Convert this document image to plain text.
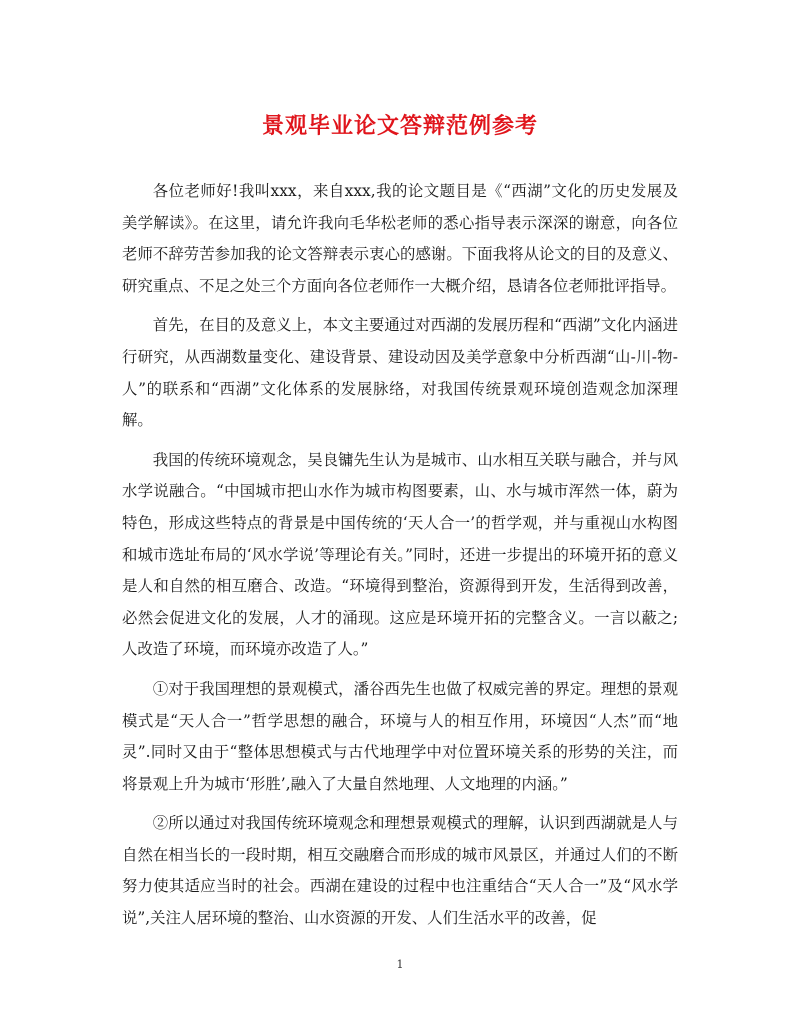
景观毕业论文答辩范例参考

各位老师好!我叫xxx，来自xxx,我的论文题目是《“西湖”文化的历史发展及美学解读》。在这里，请允许我向毛华松老师的悉心指导表示深深的谢意，向各位老师不辞劳苦参加我的论文答辩表示衷心的感谢。下面我将从论文的目的及意义、研究重点、不足之处三个方面向各位老师作一大概介绍，恳请各位老师批评指导。

首先，在目的及意义上，本文主要通过对西湖的发展历程和“西湖”文化内涵进行研究，从西湖数量变化、建设背景、建设动因及美学意象中分析西湖“山-川-物-人”的联系和“西湖”文化体系的发展脉络，对我国传统景观环境创造观念加深理解。

我国的传统环境观念，吴良镛先生认为是城市、山水相互关联与融合，并与风水学说融合。“中国城市把山水作为城市构图要素，山、水与城市浑然一体，蔚为特色，形成这些特点的背景是中国传统的‘天人合一’的哲学观，并与重视山水构图和城市选址布局的‘风水学说’等理论有关。”同时，还进一步提出的环境开拓的意义是人和自然的相互磨合、改造。“环境得到整治，资源得到开发，生活得到改善，必然会促进文化的发展，人才的涌现。这应是环境开拓的完整含义。一言以蔽之;人改造了环境，而环境亦改造了人。”

①对于我国理想的景观模式，潘谷西先生也做了权威完善的界定。理想的景观模式是“天人合一”哲学思想的融合，环境与人的相互作用，环境因“人杰”而“地灵”.同时又由于“整体思想模式与古代地理学中对位置环境关系的形势的关注，而将景观上升为城市‘形胜’,融入了大量自然地理、人文地理的内涵。”

②所以通过对我国传统环境观念和理想景观模式的理解，认识到西湖就是人与自然在相当长的一段时期，相互交融磨合而形成的城市风景区，并通过人们的不断努力使其适应当时的社会。西湖在建设的过程中也注重结合“天人合一”及“风水学说”,关注人居环境的整治、山水资源的开发、人们生活水平的改善，促

1
